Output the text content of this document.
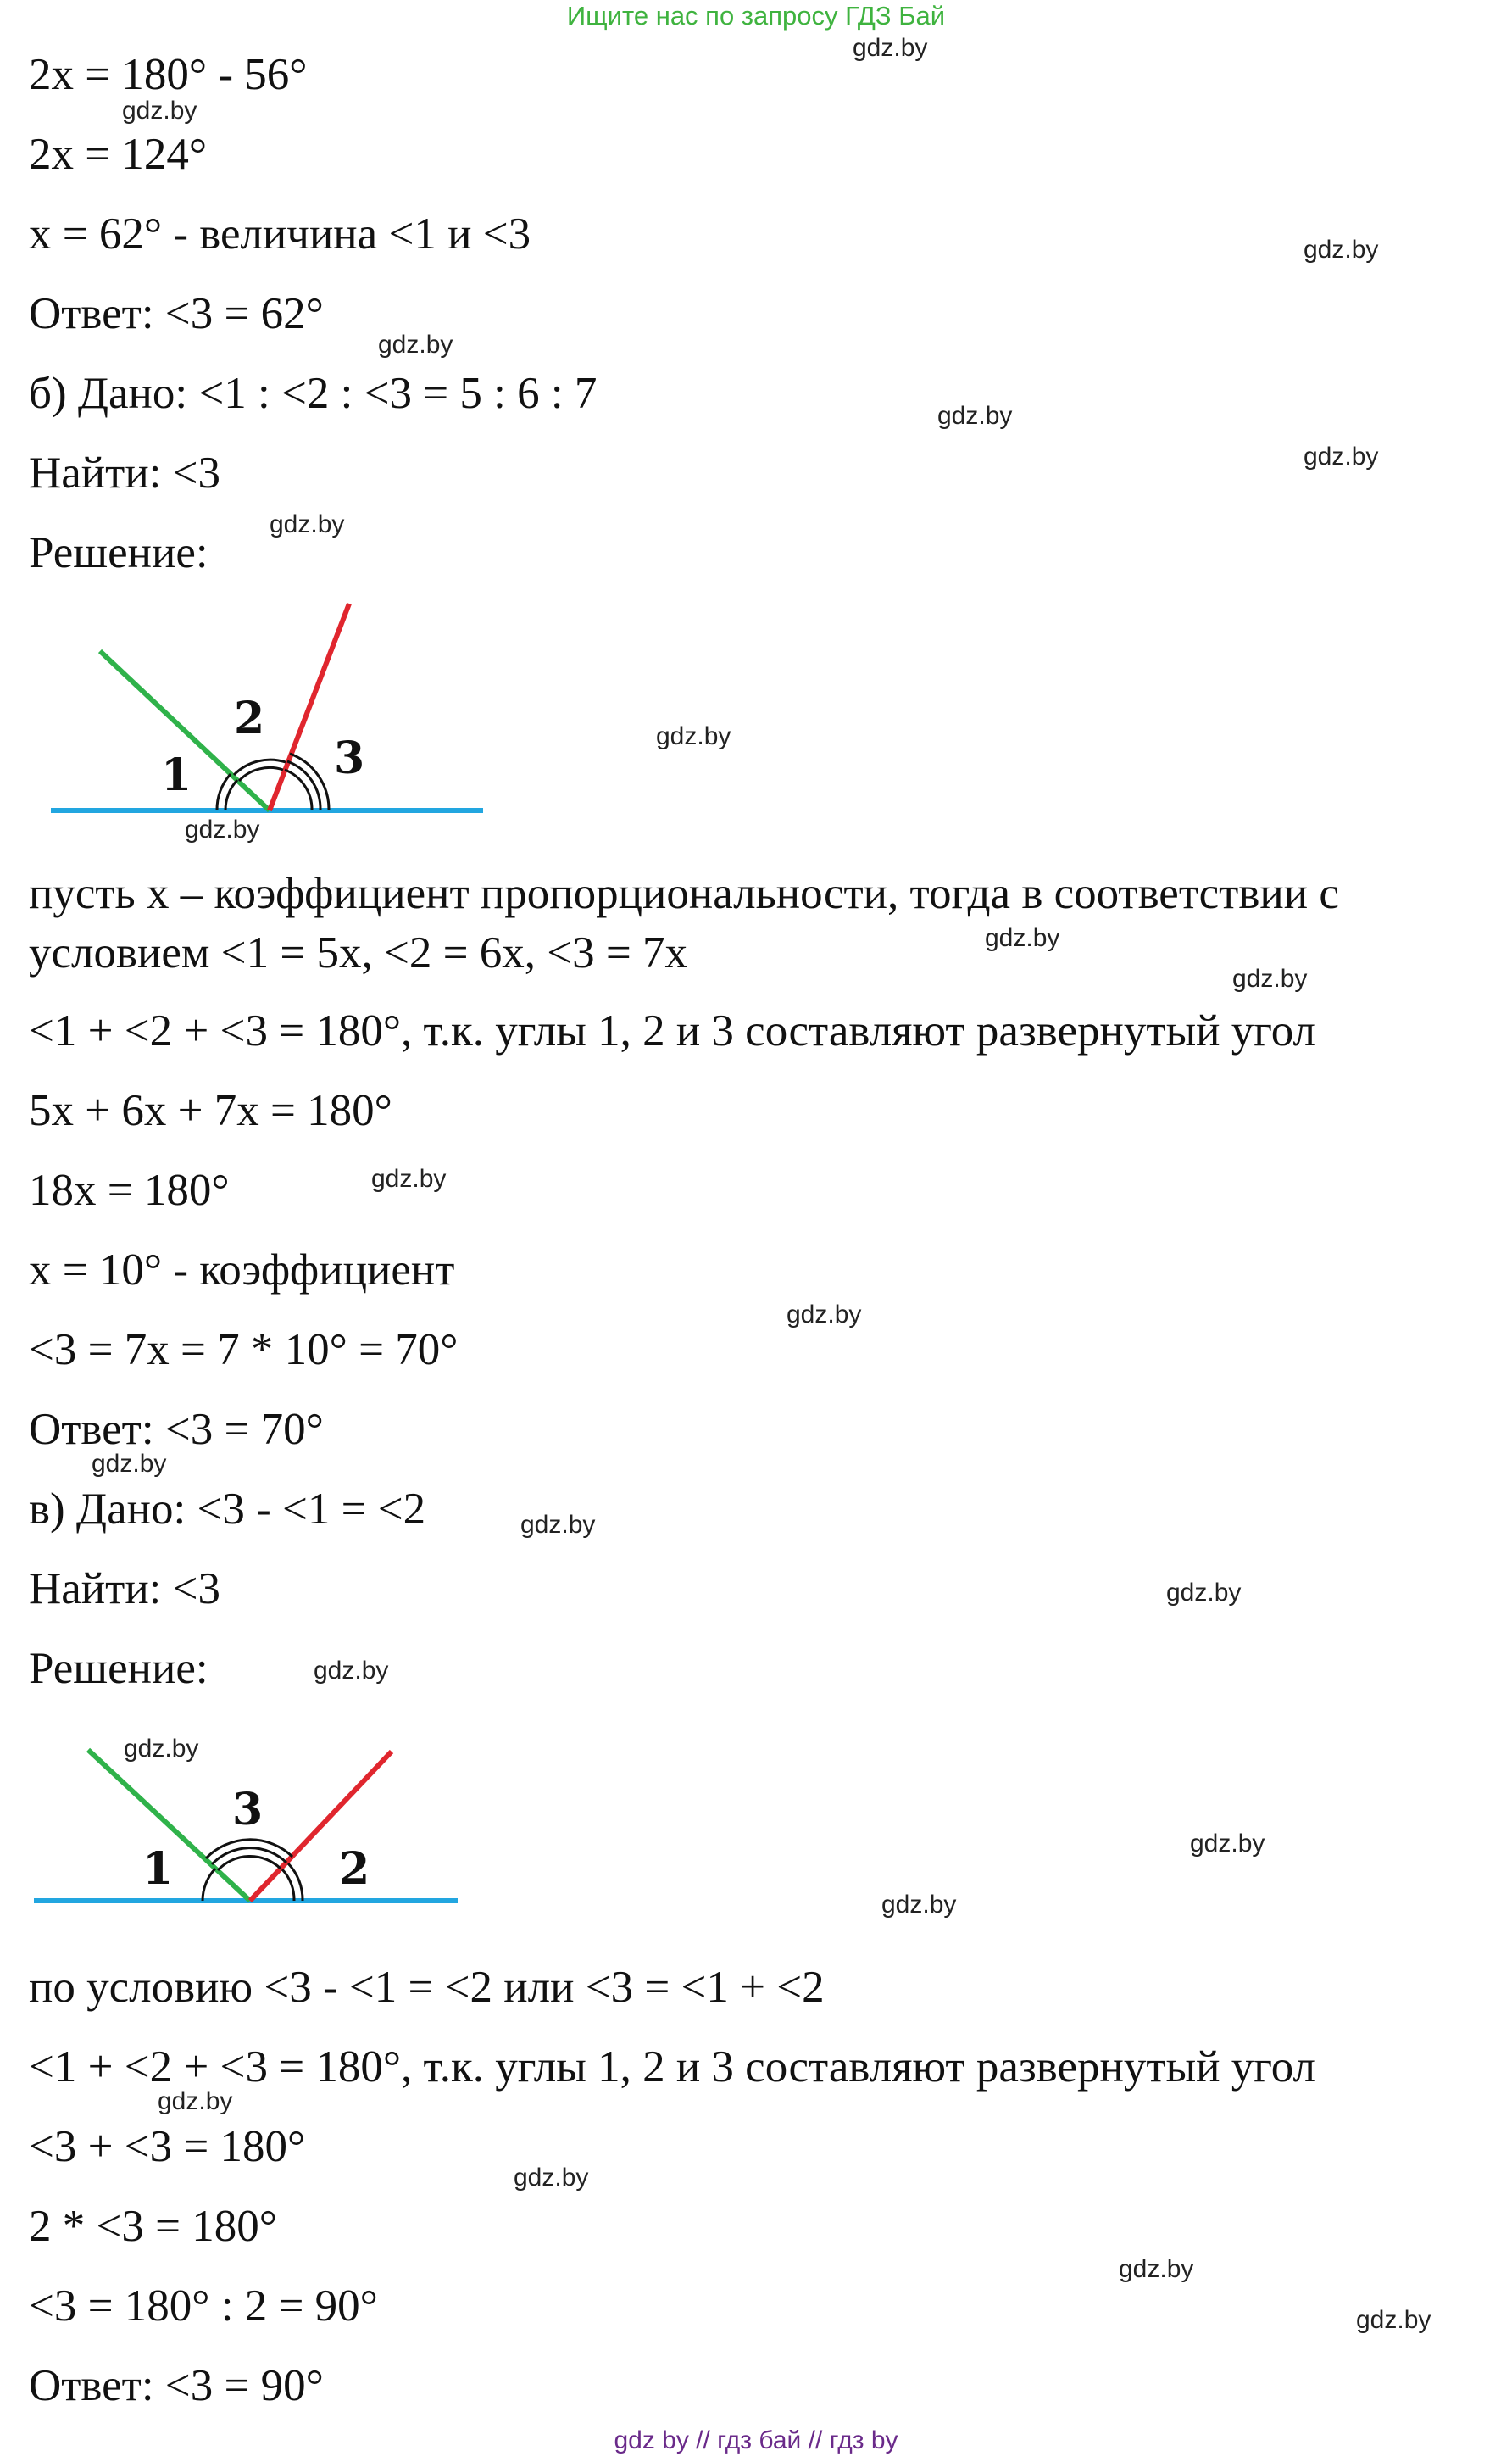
Ищите нас по запросу ГДЗ Бай

2x = 180° - 56°

2x = 124°

x = 62° - величина <1 и <3

Ответ: <3 = 62°

б) Дано: <1 : <2 : <3 = 5 : 6 : 7

Найти: <3

Решение:

1
2
3

пусть x – коэффициент пропорциональности, тогда в соответствии с

условием <1 = 5x, <2 = 6x, <3 = 7x

<1 + <2 + <3 = 180°, т.к. углы 1, 2 и 3 составляют развернутый угол

5x + 6x + 7x = 180°

18x = 180°

x = 10° - коэффициент

<3 = 7x = 7 * 10° = 70°

Ответ: <3 = 70°

в) Дано: <3 - <1 = <2

Найти: <3

Решение:

1
3
2

по условию <3 - <1 = <2 или <3 = <1 + <2

<1 + <2 + <3 = 180°, т.к. углы 1, 2 и 3 составляют развернутый угол

<3 + <3 = 180°

2 * <3 = 180°

<3 = 180° : 2 = 90°

Ответ: <3 = 90°

gdz.by
gdz.by
gdz.by
gdz.by
gdz.by
gdz.by
gdz.by
gdz.by
gdz.by
gdz.by
gdz.by
gdz.by
gdz.by
gdz.by
gdz.by
gdz.by
gdz.by
gdz.by
gdz.by
gdz.by
gdz.by
gdz.by
gdz.by
gdz.by
gdz by // гдз бай // гдз by
